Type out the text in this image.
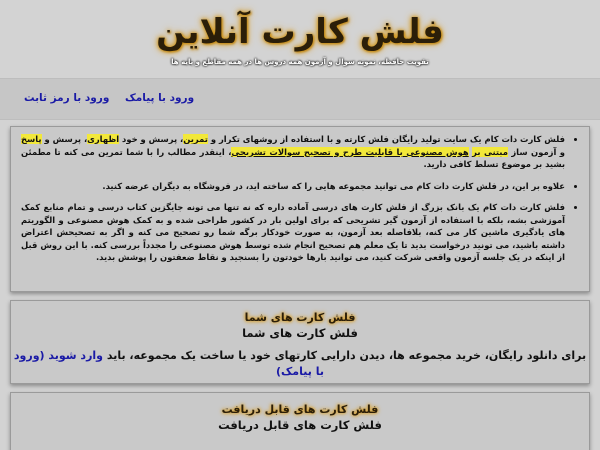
فلش کارت آنلاین
تقویت حافظه، نمونه سوال و آزمون همه دروس ها در همه مقاطع و پایه ها
ورود با پیامک ورود با رمز ثابت
• فلش کارت دات کام یک سایت تولید رایگان فلش کارته و با استفاده از روشهای تکرار و تمرین، پرسش و خود اظهاری، پرسش و پاسخ و آزمون ساز مبتنی بر هوش مصنوعی با قابلیت طرح و تصحیح سوالات تشریحی، اینقدر مطالب را با شما تمرین می کنه تا مطمئن بشید بر موضوع تسلط کافی دارید.
• علاوه بر این، در فلش کارت دات کام می توانید مجموعه هایی را که ساخته اید، در فروشگاه به دیگران عرضه کنید.
• فلش کارت دات کام یک بانک بزرگ از فلش کارت های درسی آماده داره که نه تنها می تونه جایگزین کتاب درسی و تمام منابع کمک آموزشی بشه، بلکه با استفاده از آزمون گیر تشریحی که برای اولین بار در کشور طراحی شده و به کمک هوش مصنوعی و الگوریتم های یادگیری ماشین کار می کنه، بلافاصله بعد آزمون، به صورت خودکار برگه شما رو تصحیح می کنه و اگر به تصحیحش اعتراض داشته باشید، می تونید درخواست بدید تا یک معلم هم تصحیح انجام شده توسط هوش مصنوعی را مجدداً بررسی کنه. با این روش قبل از اینکه در یک جلسه آزمون واقعی شرکت کنید، می توانید بارها خودتون را بسنجید و نقاط ضعفتون را پوشش بدید.
فلش کارت های شما
فلش کارت های شما
برای دانلود رایگان، خرید مجموعه ها، دیدن دارایی کارتهای خود یا ساخت یک مجموعه، باید وارد شوید (ورود با پیامک)
فلش کارت های قابل دریافت
فلش کارت های قابل دریافت
